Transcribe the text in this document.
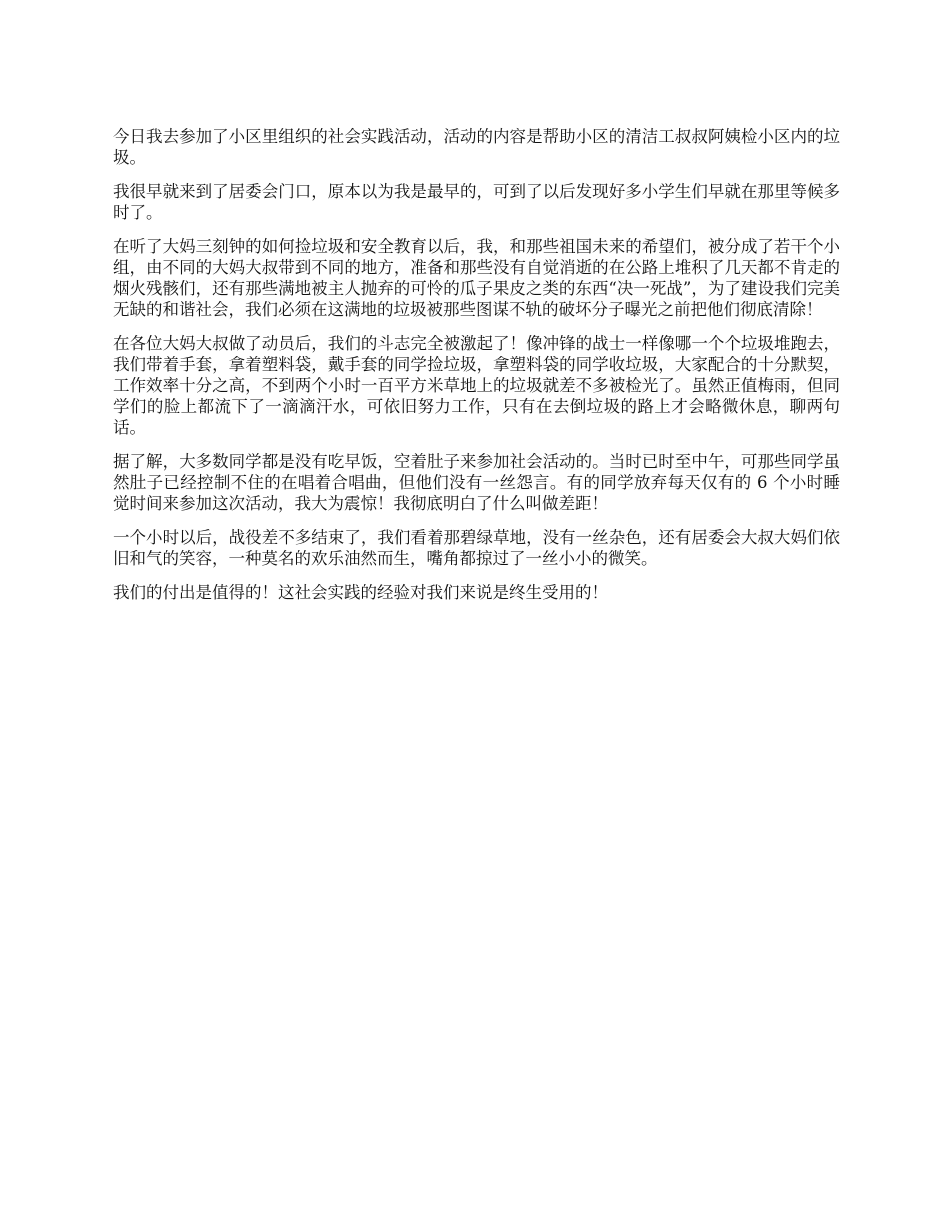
今日我去参加了小区里组织的社会实践活动，活动的内容是帮助小区的清洁工叔叔阿姨检小区内的垃圾。

我很早就来到了居委会门口，原本以为我是最早的，可到了以后发现好多小学生们早就在那里等候多时了。

在听了大妈三刻钟的如何捡垃圾和安全教育以后，我，和那些祖国未来的希望们，被分成了若干个小组，由不同的大妈大叔带到不同的地方，准备和那些没有自觉消逝的在公路上堆积了几天都不肯走的烟火残骸们，还有那些满地被主人抛弃的可怜的瓜子果皮之类的东西“决一死战”，为了建设我们完美无缺的和谐社会，我们必须在这满地的垃圾被那些图谋不轨的破坏分子曝光之前把他们彻底清除！

在各位大妈大叔做了动员后，我们的斗志完全被激起了！像冲锋的战士一样像哪一个个垃圾堆跑去，我们带着手套，拿着塑料袋，戴手套的同学捡垃圾，拿塑料袋的同学收垃圾，大家配合的十分默契，工作效率十分之高，不到两个小时一百平方米草地上的垃圾就差不多被检光了。虽然正值梅雨，但同学们的脸上都流下了一滴滴汗水，可依旧努力工作，只有在去倒垃圾的路上才会略微休息，聊两句话。

据了解，大多数同学都是没有吃早饭，空着肚子来参加社会活动的。当时已时至中午，可那些同学虽然肚子已经控制不住的在唱着合唱曲，但他们没有一丝怨言。有的同学放弃每天仅有的 6 个小时睡觉时间来参加这次活动，我大为震惊！我彻底明白了什么叫做差距！

一个小时以后，战役差不多结束了，我们看着那碧绿草地，没有一丝杂色，还有居委会大叔大妈们依旧和气的笑容，一种莫名的欢乐油然而生，嘴角都掠过了一丝小小的微笑。

我们的付出是值得的！这社会实践的经验对我们来说是终生受用的！
